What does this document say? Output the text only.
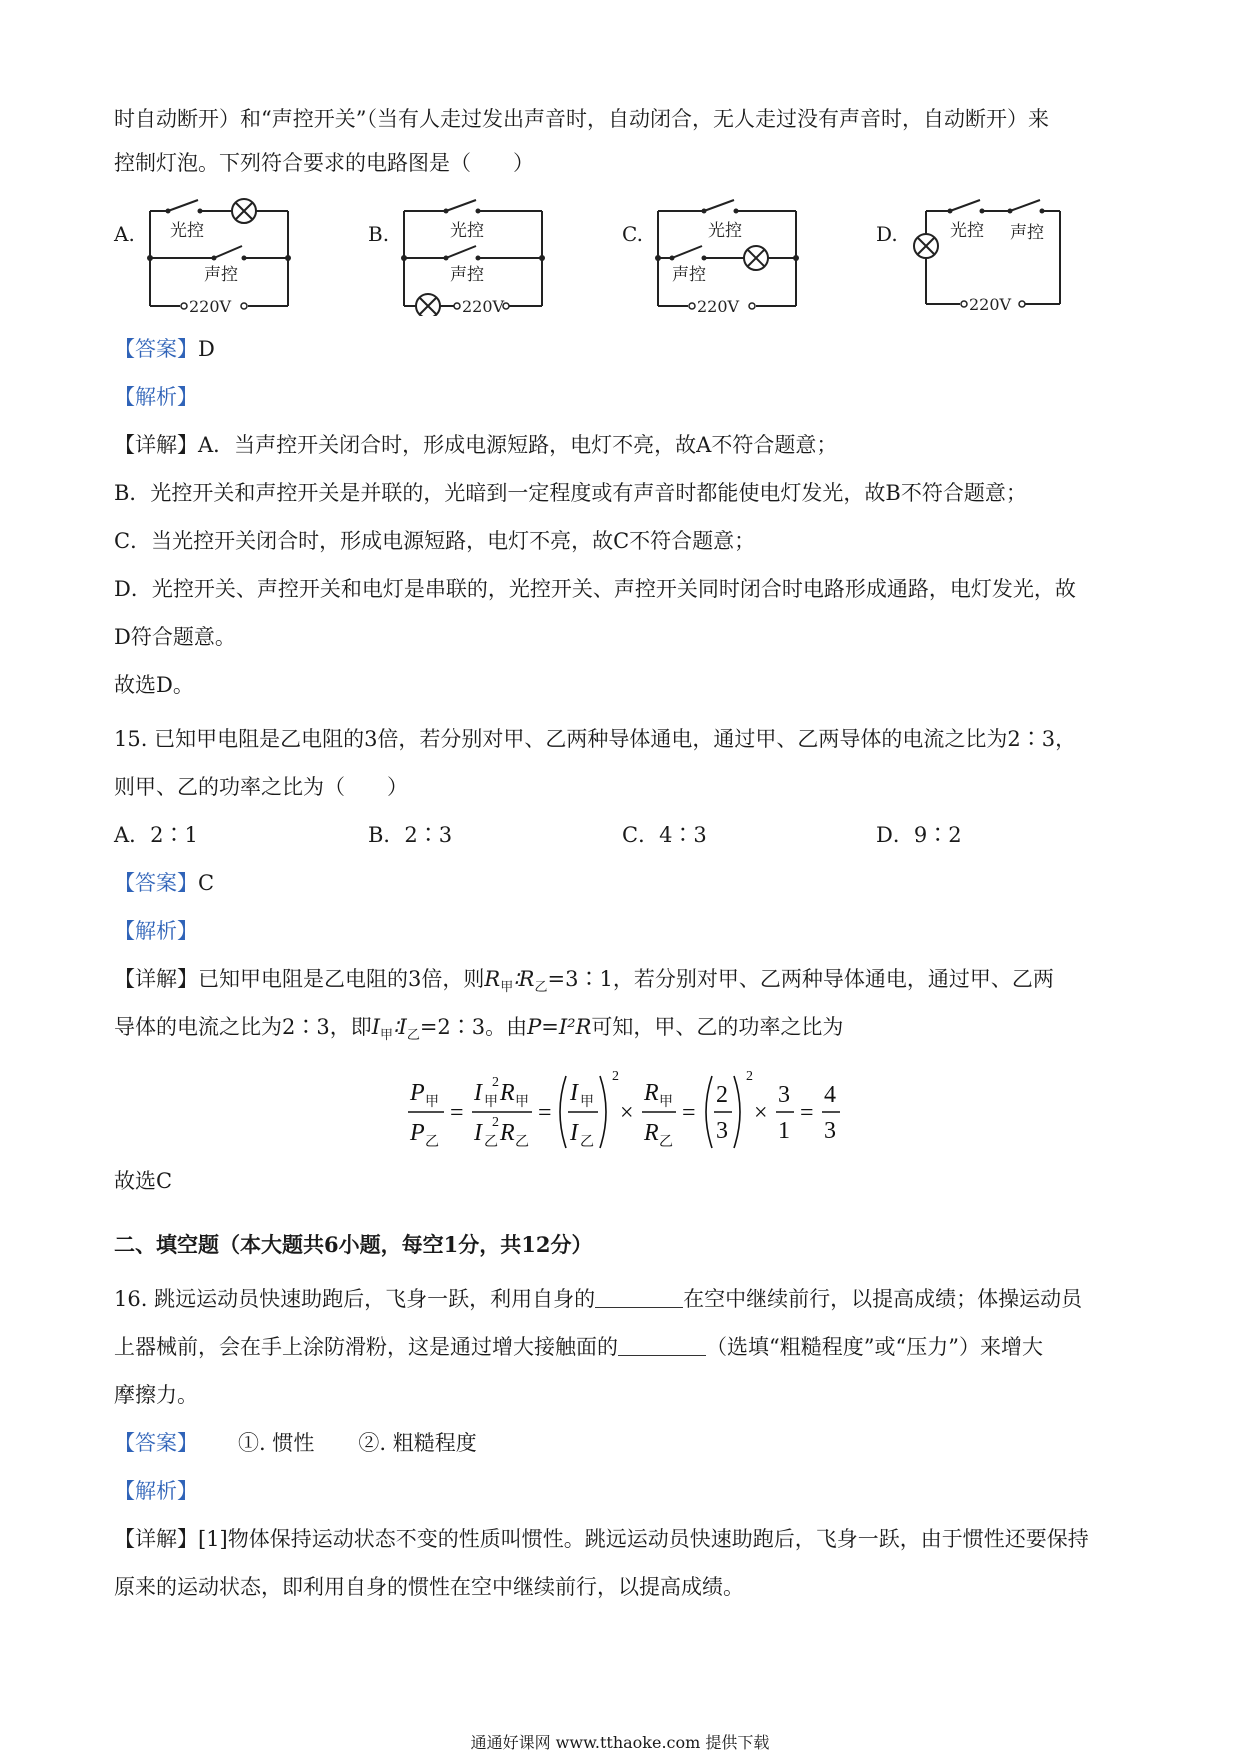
时自动断开）和“声控开关”（当有人走过发出声音时，自动闭合，无人走过没有声音时，自动断开）来
控制灯泡。下列符合要求的电路图是（　　）
A.	B.	C.	D.
光控
声控
220V
光控
声控
220V
光控
声控
220V
光控 声控
220V
【答案】D
【解析】
【详解】A．当声控开关闭合时，形成电源短路，电灯不亮，故A不符合题意；
B．光控开关和声控开关是并联的，光暗到一定程度或有声音时都能使电灯发光，故B不符合题意；
C．当光控开关闭合时，形成电源短路，电灯不亮，故C不符合题意；
D．光控开关、声控开关和电灯是串联的，光控开关、声控开关同时闭合时电路形成通路，电灯发光，故
D符合题意。
故选D。
15. 已知甲电阻是乙电阻的3倍，若分别对甲、乙两种导体通电，通过甲、乙两导体的电流之比为2∶3，
则甲、乙的功率之比为（　　）
A．2∶1	B．2∶3	C．4∶3	D．9∶2
【答案】C
【解析】
【详解】已知甲电阻是乙电阻的3倍，则$R_甲∶R_乙=3∶1$，若分别对甲、乙两种导体通电，通过甲、乙两
导体的电流之比为2∶3，即$I_甲∶I_乙=2∶3$。由P=I²R可知，甲、乙的功率之比为
P 甲
P 乙
=
I 甲
2 R 甲
I 乙
2 R 乙
=
I 甲
I 乙
2
×
R 甲
R 乙
=
2
3
2
×
3
1
=
4
3
故选C
二、填空题（本大题共6小题，每空1分，共12分）
16. 跳远运动员快速助跑后，飞身一跃，利用自身的	在空中继续前行，以提高成绩；体操运动员
上器械前，会在手上涂防滑粉，这是通过增大接触面的	（选填“粗糙程度”或“压力”）来增大
摩擦力。
【答案】 ①. 惯性 ②. 粗糙程度
【解析】
【详解】[1]物体保持运动状态不变的性质叫惯性。跳远运动员快速助跑后，飞身一跃，由于惯性还要保持
原来的运动状态，即利用自身的惯性在空中继续前行，以提高成绩。
通通好课网 www.tthaoke.com 提供下载
